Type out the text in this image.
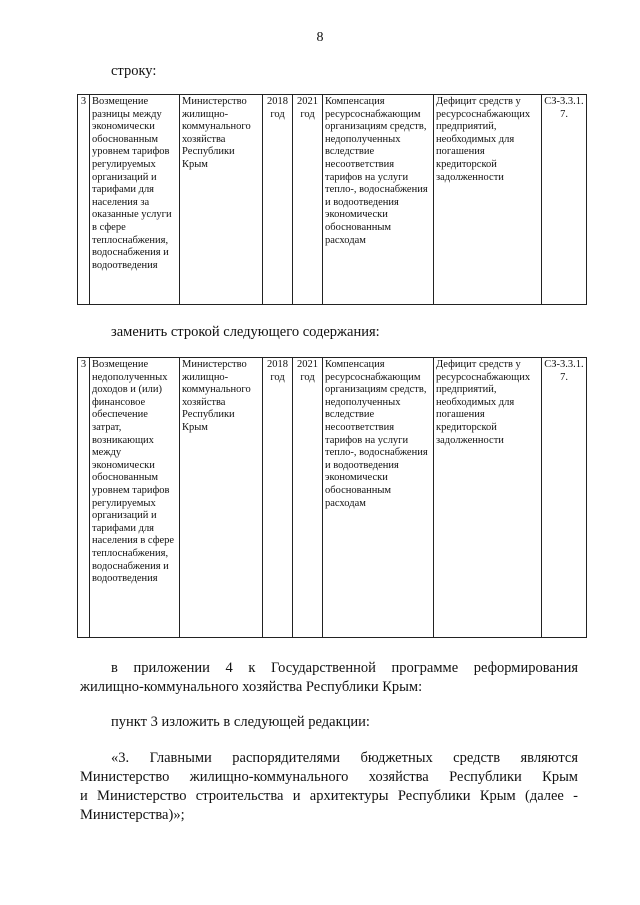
8
строку:
3	Возмещение разницы между экономически обоснованным уровнем тарифов регулируемых организаций и тарифами для населения за оказанные услуги в сфере теплоснабжения, водоснабжения и водоотведения	Министерство жилищно-коммунального хозяйства Республики Крым	2018 год	2021 год	Компенсация ресурсоснабжающим организациям средств, недополученных вследствие несоответствия тарифов на услуги тепло-, водоснабжения и водоотведения экономически обоснованным расходам	Дефицит средств у ресурсоснабжающих предприятий, необходимых для погашения кредиторской задолженности	СЗ-3.3.1.7.
заменить строкой следующего содержания:
3	Возмещение недополученных доходов и (или) финансовое обеспечение затрат, возникающих между экономически обоснованным уровнем тарифов регулируемых организаций и тарифами для населения в сфере теплоснабжения, водоснабжения и водоотведения	Министерство жилищно-коммунального хозяйства Республики Крым	2018 год	2021 год	Компенсация ресурсоснабжающим организациям средств, недополученных вследствие несоответствия тарифов на услуги тепло-, водоснабжения и водоотведения экономически обоснованным расходам	Дефицит средств у ресурсоснабжающих предприятий, необходимых для погашения кредиторской задолженности	СЗ-3.3.1.7.
в приложении 4 к Государственной программе реформирования
жилищно-коммунального хозяйства Республики Крым:
пункт 3 изложить в следующей редакции:
«3. Главными распорядителями бюджетных средств являются
Министерство жилищно-коммунального хозяйства Республики Крым
и Министерство строительства и архитектуры Республики Крым (далее -
Министерства)»;
